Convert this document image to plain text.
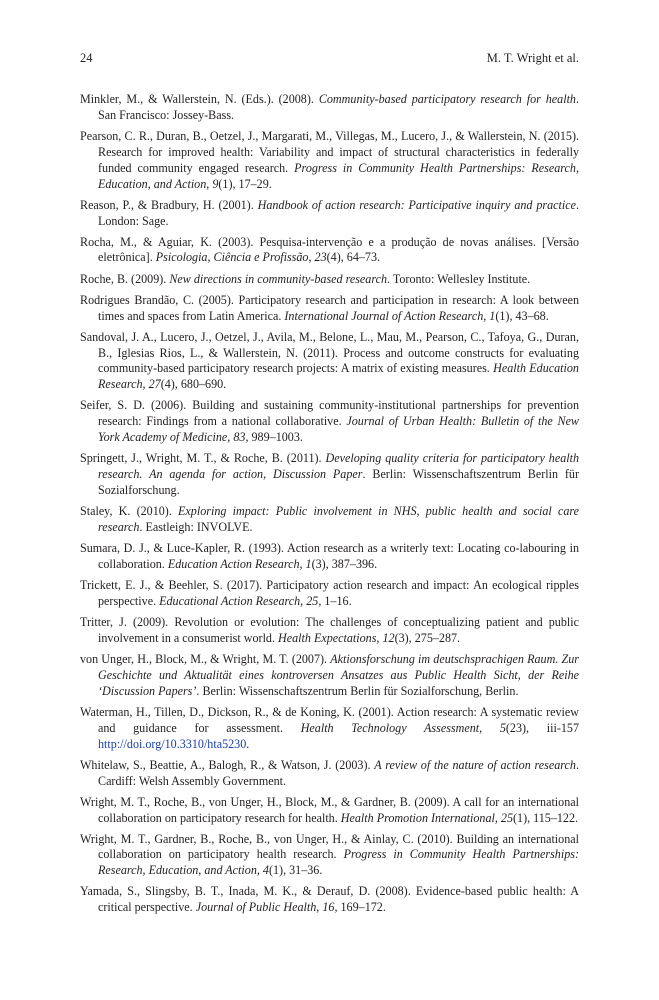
24	M. T. Wright et al.

Minkler, M., & Wallerstein, N. (Eds.). (2008). Community-based participatory research for health. San Francisco: Jossey-Bass.

Pearson, C. R., Duran, B., Oetzel, J., Margarati, M., Villegas, M., Lucero, J., & Wallerstein, N. (2015). Research for improved health: Variability and impact of structural characteristics in federally funded community engaged research. Progress in Community Health Partnerships: Research, Education, and Action, 9(1), 17–29.

Reason, P., & Bradbury, H. (2001). Handbook of action research: Participative inquiry and practice. London: Sage.

Rocha, M., & Aguiar, K. (2003). Pesquisa-intervenção e a produção de novas análises. [Versão eletrônica]. Psicologia, Ciência e Profissão, 23(4), 64–73.

Roche, B. (2009). New directions in community-based research. Toronto: Wellesley Institute.

Rodrigues Brandão, C. (2005). Participatory research and participation in research: A look between times and spaces from Latin America. International Journal of Action Research, 1(1), 43–68.

Sandoval, J. A., Lucero, J., Oetzel, J., Avila, M., Belone, L., Mau, M., Pearson, C., Tafoya, G., Duran, B., Iglesias Rios, L., & Wallerstein, N. (2011). Process and outcome constructs for evaluating community-based participatory research projects: A matrix of existing measures. Health Education Research, 27(4), 680–690.

Seifer, S. D. (2006). Building and sustaining community-institutional partnerships for prevention research: Findings from a national collaborative. Journal of Urban Health: Bulletin of the New York Academy of Medicine, 83, 989–1003.

Springett, J., Wright, M. T., & Roche, B. (2011). Developing quality criteria for participatory health research. An agenda for action, Discussion Paper. Berlin: Wissenschaftszentrum Berlin für Sozialforschung.

Staley, K. (2010). Exploring impact: Public involvement in NHS, public health and social care research. Eastleigh: INVOLVE.

Sumara, D. J., & Luce-Kapler, R. (1993). Action research as a writerly text: Locating co-labouring in collaboration. Education Action Research, 1(3), 387–396.

Trickett, E. J., & Beehler, S. (2017). Participatory action research and impact: An ecological ripples perspective. Educational Action Research, 25, 1–16.

Tritter, J. (2009). Revolution or evolution: The challenges of conceptualizing patient and public involvement in a consumerist world. Health Expectations, 12(3), 275–287.

von Unger, H., Block, M., & Wright, M. T. (2007). Aktionsforschung im deutschsprachigen Raum. Zur Geschichte und Aktualität eines kontroversen Ansatzes aus Public Health Sicht, der Reihe ‘Discussion Papers’. Berlin: Wissenschaftszentrum Berlin für Sozialforschung, Berlin.

Waterman, H., Tillen, D., Dickson, R., & de Koning, K. (2001). Action research: A systematic review and guidance for assessment. Health Technology Assessment, 5(23), iii-157 http://doi.org/10.3310/hta5230.

Whitelaw, S., Beattie, A., Balogh, R., & Watson, J. (2003). A review of the nature of action research. Cardiff: Welsh Assembly Government.

Wright, M. T., Roche, B., von Unger, H., Block, M., & Gardner, B. (2009). A call for an international collaboration on participatory research for health. Health Promotion International, 25(1), 115–122.

Wright, M. T., Gardner, B., Roche, B., von Unger, H., & Ainlay, C. (2010). Building an international collaboration on participatory health research. Progress in Community Health Partnerships: Research, Education, and Action, 4(1), 31–36.

Yamada, S., Slingsby, B. T., Inada, M. K., & Derauf, D. (2008). Evidence-based public health: A critical perspective. Journal of Public Health, 16, 169–172.
